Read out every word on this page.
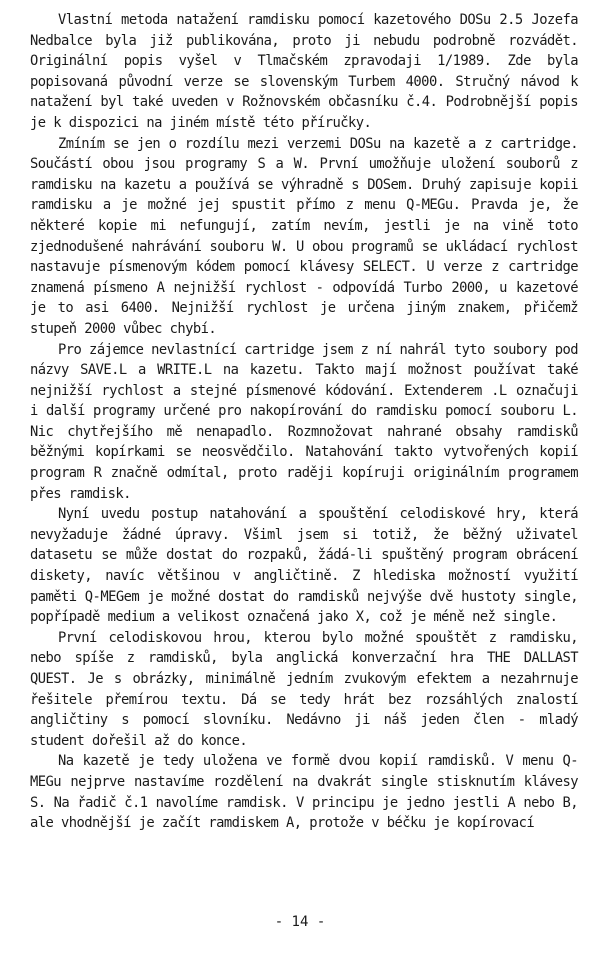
Vlastní metoda natažení ramdisku pomocí kazetového DOSu 2.5 Jozefa Nedbalce byla již publikována, proto ji nebudu podrobně rozvádět. Originální popis vyšel v Tlmačském zpravodaji 1/1989. Zde byla popisovaná původní verze se slovenským Turbem 4000. Stručný návod k natažení byl také uveden v Rožnovském občasníku č.4. Podrobnější popis je k dispozici na jiném místě této příručky.

Zmíním se jen o rozdílu mezi verzemi DOSu na kazetě a z cartridge. Součástí obou jsou programy S a W. První umožňuje uložení souborů z ramdisku na kazetu a používá se výhradně s DOSem. Druhý zapisuje kopii ramdisku a je možné jej spustit přímo z menu Q-MEGu. Pravda je, že některé kopie mi nefungují, zatím nevím, jestli je na vině toto zjednodušené nahrávání souboru W. U obou programů se ukládací rychlost nastavuje písmenovým kódem pomocí klávesy SELECT. U verze z cartridge znamená písmeno A nejnižší rychlost - odpovídá Turbo 2000, u kazetové je to asi 6400. Nejnižší rychlost je určena jiným znakem, přičemž stupeň 2000 vůbec chybí.

Pro zájemce nevlastnící cartridge jsem z ní nahrál tyto soubory pod názvy SAVE.L a WRITE.L na kazetu. Takto mají možnost používat také nejnižší rychlost a stejné písmenové kódování. Extenderem .L označuji i další programy určené pro nakopírování do ramdisku pomocí souboru L. Nic chytřejšího mě nenapadlo. Rozmnožovat nahrané obsahy ramdisků běžnými kopírkami se neosvědčilo. Natahování takto vytvořených kopií program R značně odmítal, proto raději kopíruji originálním programem přes ramdisk.

Nyní uvedu postup natahování a spouštění celodiskové hry, která nevyžaduje žádné úpravy. Všiml jsem si totiž, že běžný uživatel datasetu se může dostat do rozpaků, žádá-li spuštěný program obrácení diskety, navíc většinou v angličtině. Z hlediska možností využití paměti Q-MEGem je možné dostat do ramdisků nejvýše dvě hustoty single, popřípadě medium a velikost označená jako X, což je méně než single.

První celodiskovou hrou, kterou bylo možné spouštět z ramdisku, nebo spíše z ramdisků, byla anglická konverzační hra THE DALLAST QUEST. Je s obrázky, minimálně jedním zvukovým efektem a nezahrnuje řešitele přemírou textu. Dá se tedy hrát bez rozsáhlých znalostí angličtiny s pomocí slovníku. Nedávno ji náš jeden člen - mladý student dořešil až do konce.

Na kazetě je tedy uložena ve formě dvou kopií ramdisků. V menu Q-MEGu nejprve nastavíme rozdělení na dvakrát single stisknutím klávesy S. Na řadič č.1 navolíme ramdisk. V principu je jedno jestli A nebo B, ale vhodnější je začít ramdiskem A, protože v béčku je kopírovací

- 14 -
